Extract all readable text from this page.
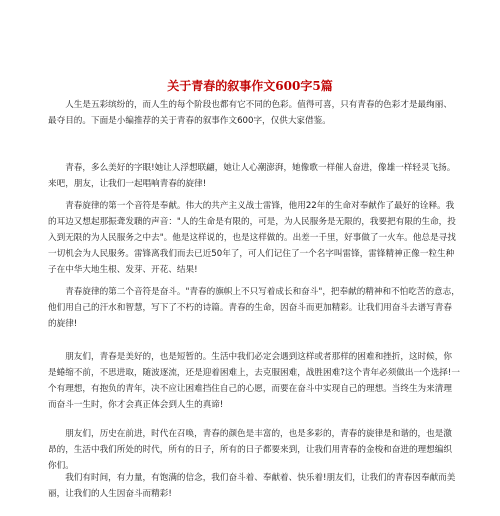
关于青春的叙事作文600字5篇

人生是五彩缤纷的，而人生的每个阶段也都有它不同的色彩。值得可喜，只有青春的色彩才是最绚丽、最夺目的。下面是小编推荐的关于青春的叙事作文600字，仅供大家借鉴。

青春，多么美好的字眼!她让人浮想联翩，她让人心潮澎湃，她像歌一样催人奋进，像雄一样轻灵飞扬。来吧，朋友，让我们一起唱响青春的旋律!

青春旋律的第一个音符是奉献。伟大的共产主义战士雷锋，他用22年的生命对奉献作了最好的诠释。我的耳边又想起那振聋发聩的声音："人的生命是有限的，可是，为人民服务是无限的，我要把有限的生命，投入到无限的为人民服务之中去"。他是这样说的，也是这样做的。出差一千里，好事做了一火车。他总是寻找一切机会为人民服务。雷锋离我们而去已近50年了，可人们记住了一个名字叫雷锋，雷锋精神正像一粒生种子在中华大地生根、发芽、开花、结果!

青春旋律的第二个音符是奋斗。"青春的旗帜上不只写着成长和奋斗"，把奉献的精神和不怕吃苦的意志，他们用自己的汗水和智慧，写下了不朽的诗篇。青春的生命，因奋斗而更加精彩。让我们用奋斗去谱写青春的旋律!

朋友们，青春是美好的，也是短暂的。生活中我们必定会遇到这样或者那样的困难和挫折，这时候，你是蜷缩不前，不思进取，随波逐流，还是迎着困难上，去克服困难，战胜困难?这个青年必须做出一个选择!一个有理想，有抱负的青年，决不应让困难挡住自己的心愿，而要在奋斗中实现自己的理想。当终生为来清理而奋斗一生时，你才会真正体会到人生的真谛!

朋友们，历史在前进，时代在召唤，青春的颜色是丰富的，也是多彩的，青春的旋律是和谐的，也是激昂的，生活中我们所处的时代，所有的日子，所有的日子都要来到，让我们用青春的金梭和奋进的理想编织你们。

我们有时间，有力量，有饱满的信念，我们奋斗着、奉献着、快乐着!朋友们，让我们的青春因奉献而美丽，让我们的人生因奋斗而精彩!
